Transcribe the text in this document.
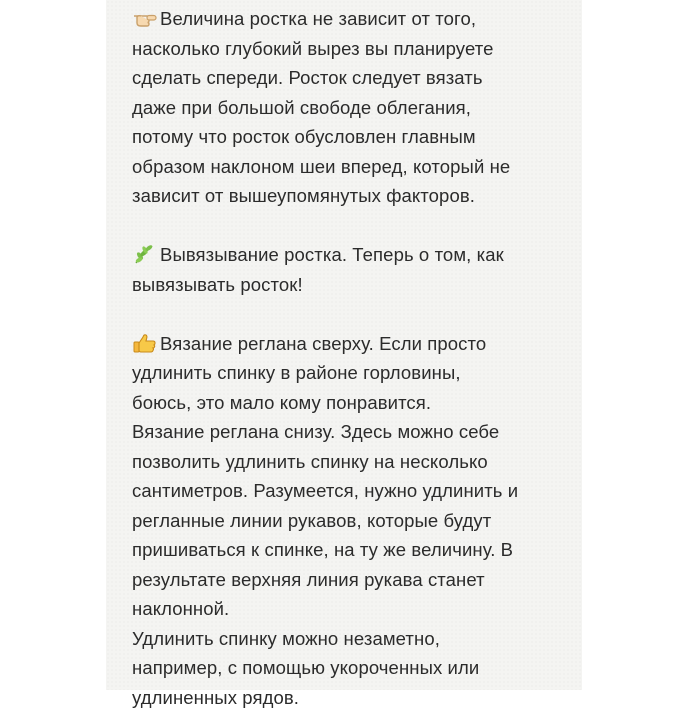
Величина ростка не зависит от того,
насколько глубокий вырез вы планируете
сделать спереди. Росток следует вязать
даже при большой свободе облегания,
потому что росток обусловлен главным
образом наклоном шеи вперед, который не
зависит от вышеупомянутых факторов.

Вывязывание ростка. Теперь о том, как
вывязывать росток!

Вязание реглана сверху. Если просто
удлинить спинку в районе горловины,
боюсь, это мало кому понравится.
Вязание реглана снизу. Здесь можно себе
позволить удлинить спинку на несколько
сантиметров. Разумеется, нужно удлинить и
регланные линии рукавов, которые будут
пришиваться к спинке, на ту же величину. В
результате верхняя линия рукава станет
наклонной.
Удлинить спинку можно незаметно,
например, с помощью укороченных или
удлиненных рядов.
